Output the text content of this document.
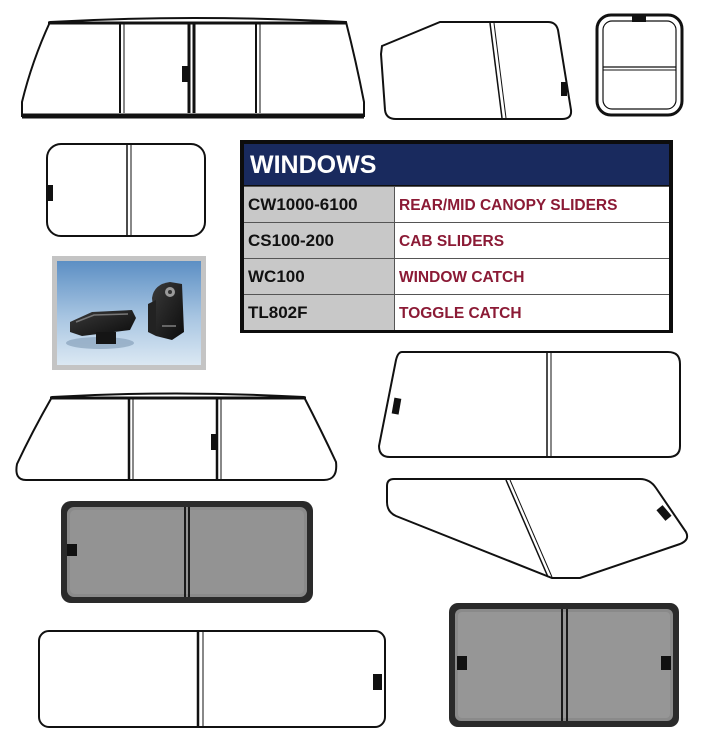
WINDOWS
CW1000-6100	REAR/MID CANOPY SLIDERS
CS100-200	CAB SLIDERS
WC100	WINDOW CATCH
TL802F	TOGGLE CATCH
